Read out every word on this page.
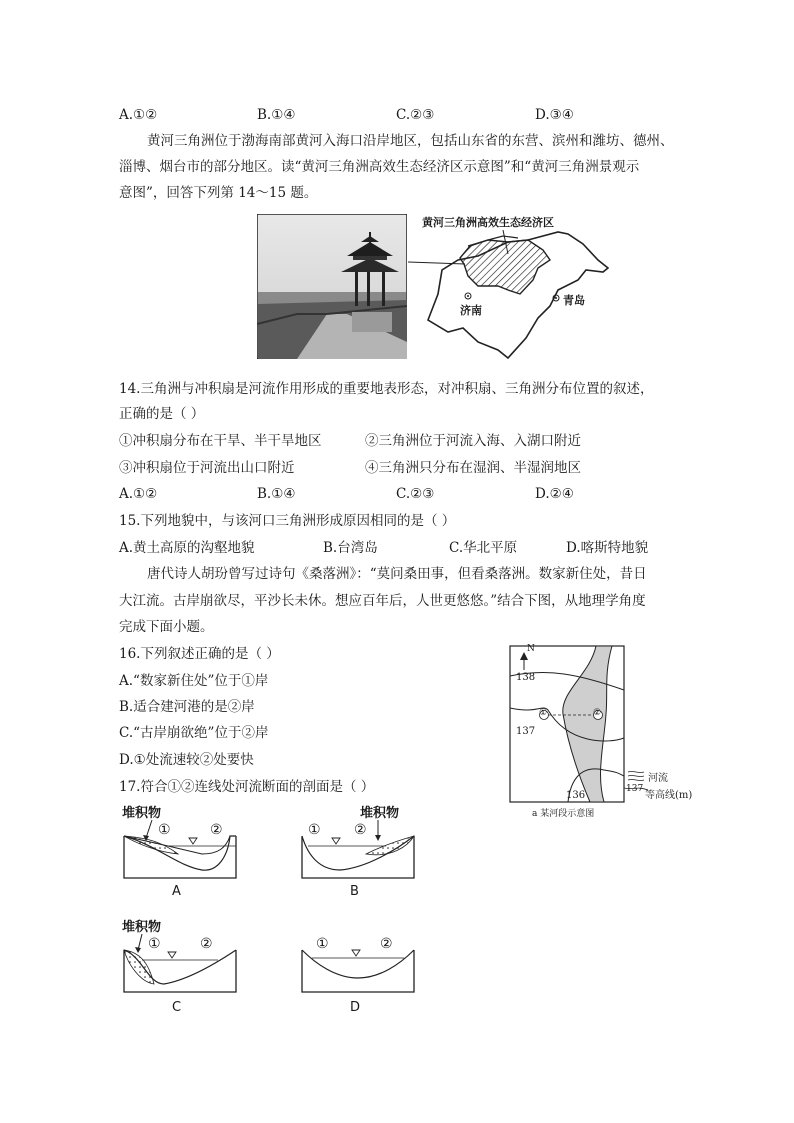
A.①②	B.①④	C.②③	D.③④
黄河三角洲位于渤海南部黄河入海口沿岸地区，包括山东省的东营、滨州和潍坊、德州、
淄博、烟台市的部分地区。读“黄河三角洲高效生态经济区示意图”和“黄河三角洲景观示
意图”，回答下列第 14～15 题。
黄河三角洲高效生态经济区
济南
青岛
14.三角洲与冲积扇是河流作用形成的重要地表形态，对冲积扇、三角洲分布位置的叙述，
正确的是（ ）
①冲积扇分布在干旱、半干旱地区	②三角洲位于河流入海、入湖口附近
③冲积扇位于河流出山口附近	④三角洲只分布在湿润、半湿润地区
A.①②	B.①④	C.②③	D.②④
15.下列地貌中，与该河口三角洲形成原因相同的是（ ）
A.黄土高原的沟壑地貌	B.台湾岛	C.华北平原	D.喀斯特地貌
唐代诗人胡玢曾写过诗句《桑落洲》：“莫问桑田事，但看桑落洲。数家新住处，昔日
大江流。古岸崩欲尽，平沙长未休。想应百年后，人世更悠悠。”结合下图，从地理学角度
完成下面小题。
16.下列叙述正确的是（ ）
A.“数家新住处”位于①岸
B.适合建河港的是②岸
C.“古岸崩欲绝”位于②岸
D.①处流速较②处要快
17.符合①②连线处河流断面的剖面是（ ）
N
138
137
136
①	②
河流
137
等高线(m)
a 某河段示意图
堆积物
①	②
A
堆积物
① ②
B
堆积物
①	②
C
①	②
D
